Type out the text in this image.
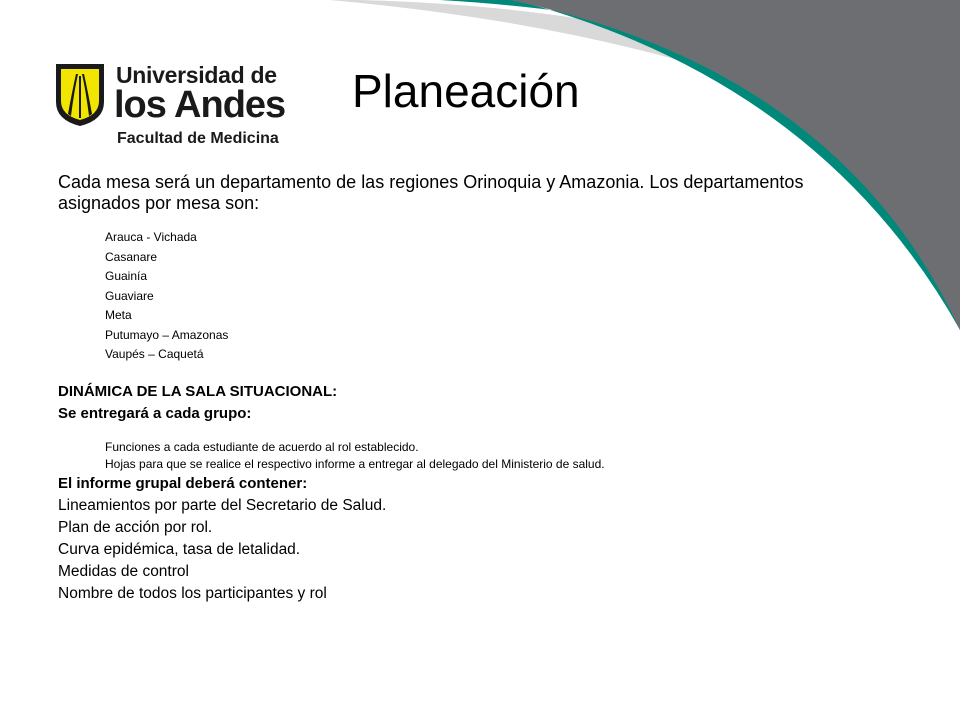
Universidad de
los Andes
Facultad de Medicina
Planeación

Cada mesa será un departamento de las regiones Orinoquia y Amazonia. Los departamentos asignados por mesa son:

Arauca - Vichada
Casanare
Guainía
Guaviare
Meta
Putumayo – Amazonas
Vaupés – Caquetá

DINÁMICA DE LA SALA SITUACIONAL:

Se entregará a cada grupo:

Funciones a cada estudiante de acuerdo al rol establecido.
Hojas para que se realice el respectivo informe a entregar al delegado del Ministerio de salud.

El informe grupal deberá contener:

Lineamientos por parte del Secretario de Salud.
Plan de acción por rol.
Curva epidémica, tasa de letalidad.
Medidas de control
Nombre de todos los participantes y rol
